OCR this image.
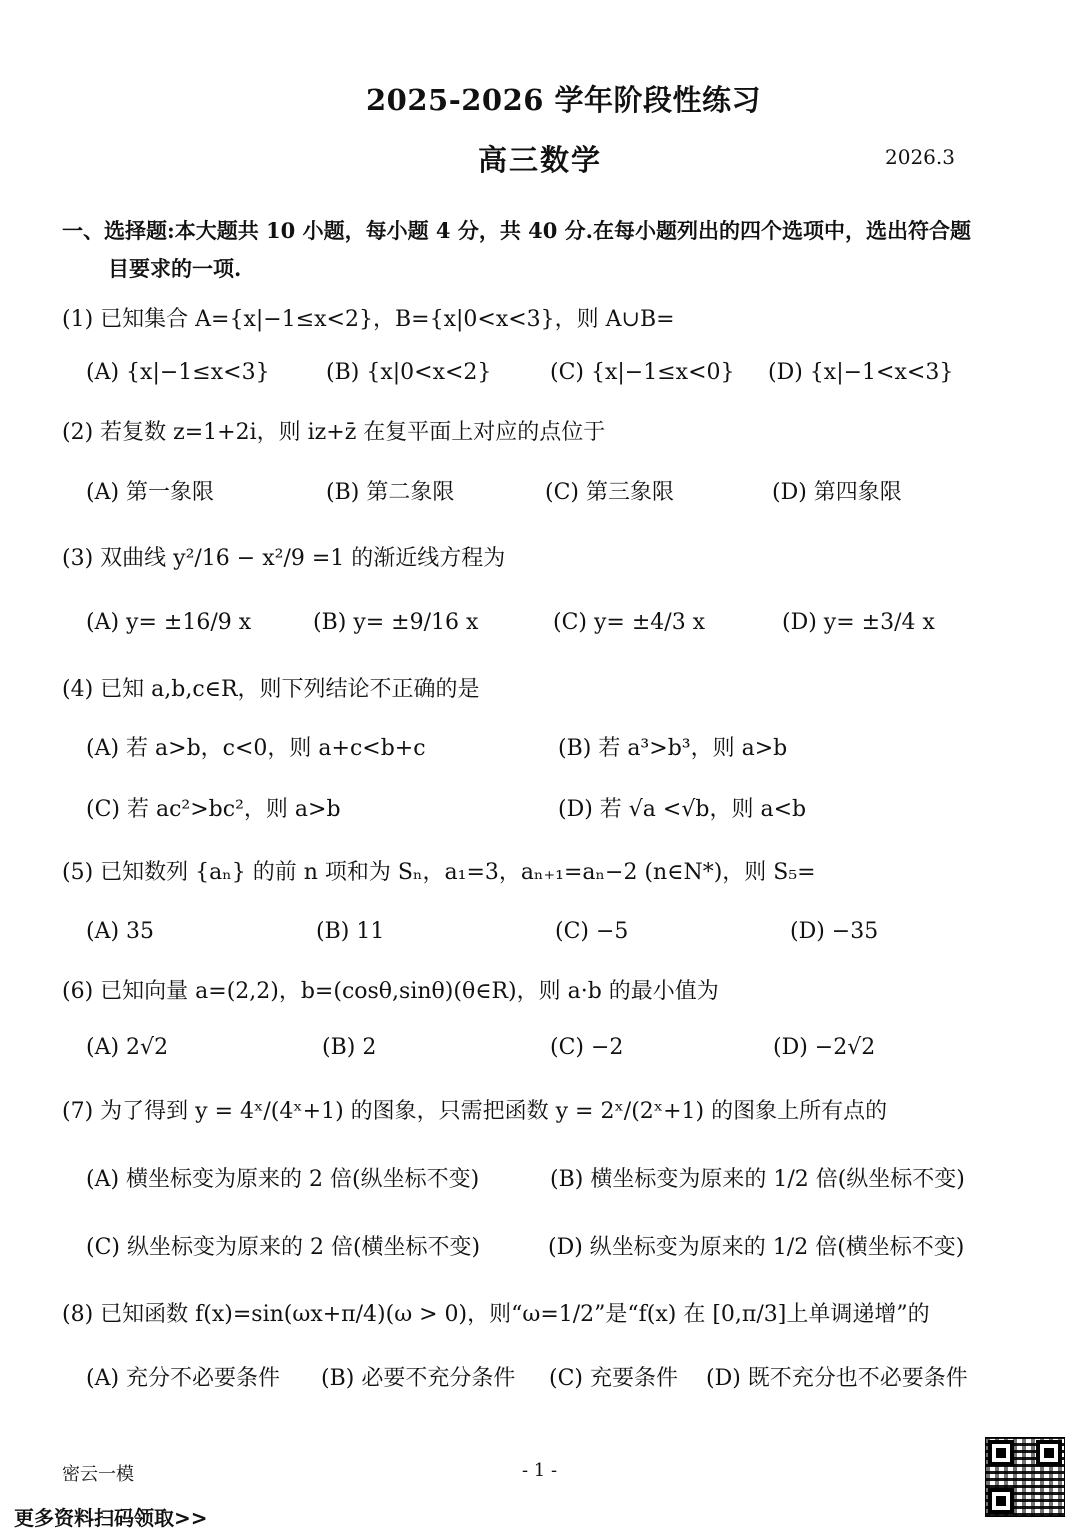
2025-2026 学年阶段性练习
高三数学	2026.3
一、选择题:本大题共 10 小题，每小题 4 分，共 40 分.在每小题列出的四个选项中，选出符合题
目要求的一项.
(1) 已知集合 A={x|−1≤x<2}，B={x|0<x<3}，则 A∪B=
(A) {x|−1≤x<3}	(B) {x|0<x<2}	(C) {x|−1≤x<0} (D) {x|−1<x<3}
(2) 若复数 z=1+2i，则 iz+z̄ 在复平面上对应的点位于
(A) 第一象限	(B) 第二象限	(C) 第三象限	(D) 第四象限
(3) 双曲线 y²/16 − x²/9 =1 的渐近线方程为
(A) y= ±16/9 x	(B) y= ±9/16 x	(C) y= ±4/3 x	(D) y= ±3/4 x
(4) 已知 a,b,c∈R，则下列结论不正确的是
(A) 若 a>b，c<0，则 a+c<b+c	(B) 若 a³>b³，则 a>b
(C) 若 ac²>bc²，则 a>b	(D) 若 √a <√b，则 a<b
(5) 已知数列 {aₙ} 的前 n 项和为 Sₙ，a₁=3，aₙ₊₁=aₙ−2 (n∈N*)，则 S₅=
(A) 35	(B) 11	(C) −5	(D) −35
(6) 已知向量 a=(2,2)，b=(cosθ,sinθ)(θ∈R)，则 a·b 的最小值为
(A) 2√2	(B) 2	(C) −2	(D) −2√2
(7) 为了得到 y = 4ˣ/(4ˣ+1) 的图象，只需把函数 y = 2ˣ/(2ˣ+1) 的图象上所有点的
(A) 横坐标变为原来的 2 倍(纵坐标不变)	(B) 横坐标变为原来的 1/2 倍(纵坐标不变)
(C) 纵坐标变为原来的 2 倍(横坐标不变)	(D) 纵坐标变为原来的 1/2 倍(横坐标不变)
(8) 已知函数 f(x)=sin(ωx+π/4)(ω > 0)，则“ω=1/2”是“f(x) 在 [0,π/3]上单调递增”的
(A) 充分不必要条件 (B) 必要不充分条件 (C) 充要条件 (D) 既不充分也不必要条件
密云一模	- 1 -
更多资料扫码领取>>
